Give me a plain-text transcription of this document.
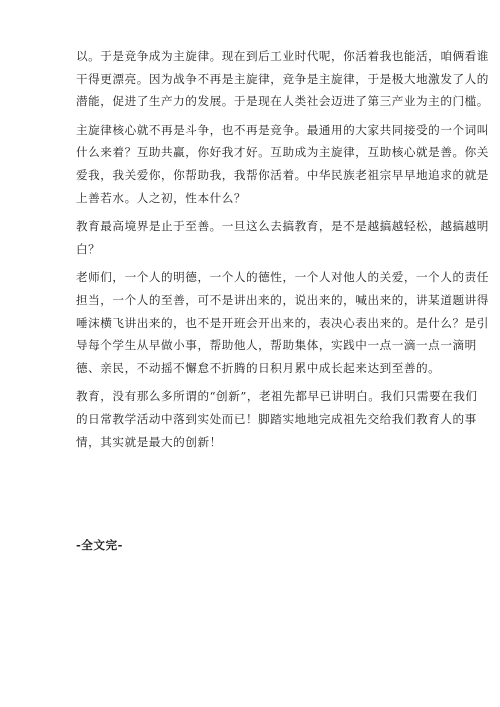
以。于是竞争成为主旋律。现在到后工业时代呢，你活着我也能活，咱俩看谁
干得更漂亮。因为战争不再是主旋律，竞争是主旋律，于是极大地激发了人的
潜能，促进了生产力的发展。于是现在人类社会迈进了第三产业为主的门槛。

主旋律核心就不再是斗争，也不再是竞争。最通用的大家共同接受的一个词叫
什么来着？互助共赢，你好我才好。互助成为主旋律，互助核心就是善。你关
爱我，我关爱你，你帮助我，我帮你活着。中华民族老祖宗早早地追求的就是
上善若水。人之初，性本什么？

教育最高境界是止于至善。一旦这么去搞教育，是不是越搞越轻松，越搞越明
白？

老师们，一个人的明德，一个人的德性，一个人对他人的关爱，一个人的责任
担当，一个人的至善，可不是讲出来的，说出来的，喊出来的，讲某道题讲得
唾沫横飞讲出来的，也不是开班会开出来的，表决心表出来的。是什么？是引
导每个学生从早做小事，帮助他人，帮助集体，实践中一点一滴一点一滴明
德、亲民，不动摇不懈怠不折腾的日积月累中成长起来达到至善的。

教育，没有那么多所谓的“创新”，老祖先都早已讲明白。我们只需要在我们
的日常教学活动中落到实处而已！脚踏实地地完成祖先交给我们教育人的事
情，其实就是最大的创新！

-全文完-
